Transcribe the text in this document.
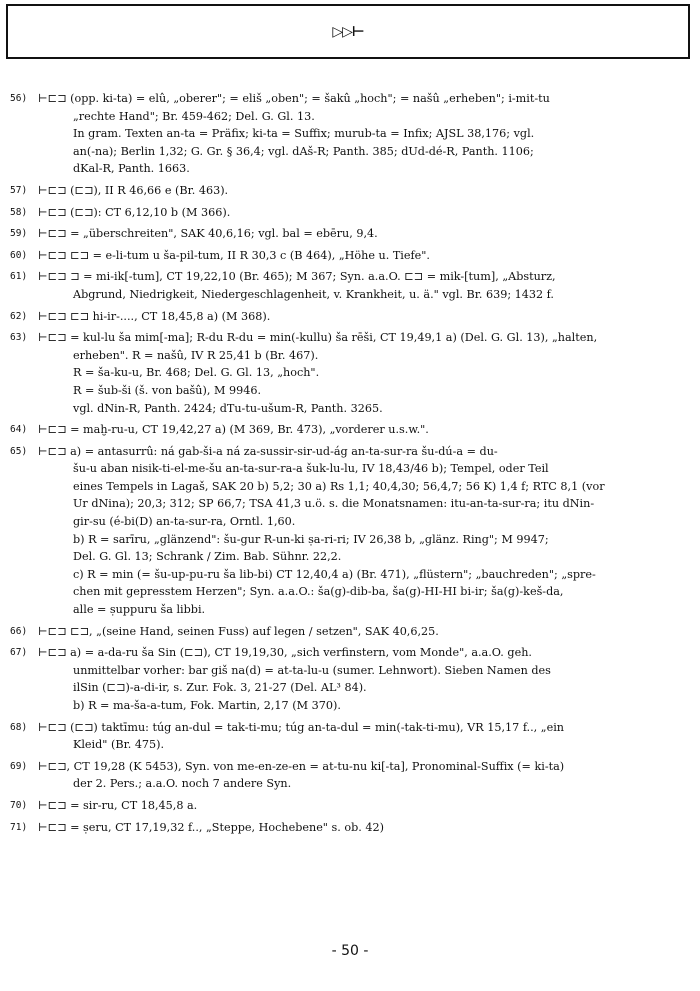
▷▷⊢
56) ⊢⊏⊐ (opp. ki-ta) = elû, „oberer"; = eliš „oben"; = šakû „hoch"; = našû „erheben"; i-mit-tu
„rechte Hand"; Br. 459-462; Del. G. Gl. 13.
In gram. Texten an-ta = Präfix; ki-ta = Suffix; murub-ta = Infix; AJSL 38,176; vgl.
an(-na); Berlin 1,32; G. Gr. § 36,4; vgl. dAš-R; Panth. 385; dUd-dé-R, Panth. 1106;
dKal-R, Panth. 1663.
57) ⊢⊏⊐ (⊏⊐), II R 46,66 e (Br. 463).
58) ⊢⊏⊐ (⊏⊐): CT 6,12,10 b (M 366).
59) ⊢⊏⊐ = „überschreiten", SAK 40,6,16; vgl. bal = ebēru, 9,4.
60) ⊢⊏⊐ ⊏⊐ = e-li-tum u ša-pil-tum, II R 30,3 c (B 464), „Höhe u. Tiefe".
61) ⊢⊏⊐ ⊐ = mi-ik[-tum], CT 19,22,10 (Br. 465); M 367; Syn. a.a.O. ⊏⊐ = mik-[tum], „Absturz,
Abgrund, Niedrigkeit, Niedergeschlagenheit, v. Krankheit, u. ä." vgl. Br. 639; 1432 f.
62) ⊢⊏⊐ ⊏⊐ hi-ir-...., CT 18,45,8 a) (M 368).
63) ⊢⊏⊐ = kul-lu ša mim[-ma]; R-du R-du = min(-kullu) ša rēši, CT 19,49,1 a) (Del. G. Gl. 13), „halten,
erheben". R = našû, IV R 25,41 b (Br. 467).
R = ša-ku-u, Br. 468; Del. G. Gl. 13, „hoch".
R = šub-ši (š. von bašû), M 9946.
vgl. dNin-R, Panth. 2424; dTu-tu-ušum-R, Panth. 3265.
64) ⊢⊏⊐ = maḫ-ru-u, CT 19,42,27 a) (M 369, Br. 473), „vorderer u.s.w.".
65) ⊢⊏⊐ a) = antasurrû: ná gab-ši-a ná za-sussir-sir-ud-ág an-ta-sur-ra šu-dú-a = du-
šu-u aban nisik-ti-el-me-šu an-ta-sur-ra-a šuk-lu-lu, IV 18,43/46 b); Tempel, oder Teil
eines Tempels in Lagaš, SAK 20 b) 5,2; 30 a) Rs 1,1; 40,4,30; 56,4,7; 56 K) 1,4 f; RTC 8,1 (vor
Ur dNina); 20,3; 312; SP 66,7; TSA 41,3 u.ö. s. die Monatsnamen: itu-an-ta-sur-ra; itu dNin-
gir-su (é-bi(D) an-ta-sur-ra, Orntl. 1,60.
b) R = sarīru, „glänzend": šu-gur R-un-ki ṣa-ri-ri; IV 26,38 b, „glänz. Ring"; M 9947;
Del. G. Gl. 13; Schrank / Zim. Bab. Sühnr. 22,2.
c) R = min (= šu-up-pu-ru ša lib-bi) CT 12,40,4 a) (Br. 471), „flüstern"; „bauchreden"; „spre-
chen mit gepresstem Herzen"; Syn. a.a.O.: ša(g)-dib-ba, ša(g)-HI-HI bi-ir; ša(g)-keš-da,
alle = ṣuppuru ša libbi.
66) ⊢⊏⊐ ⊏⊐, „(seine Hand, seinen Fuss) auf legen / setzen", SAK 40,6,25.
67) ⊢⊏⊐ a) = a-da-ru ša Sin (⊏⊐), CT 19,19,30, „sich verfinstern, vom Monde", a.a.O. geh.
unmittelbar vorher: bar giš na(d) = at-ta-lu-u (sumer. Lehnwort). Sieben Namen des
ilSin (⊏⊐)-a-di-ir, s. Zur. Fok. 3, 21-27 (Del. AL³ 84).
b) R = ma-ša-a-tum, Fok. Martin, 2,17 (M 370).
68) ⊢⊏⊐ (⊏⊐) taktīmu: túg an-dul = tak-ti-mu; túg an-ta-dul = min(-tak-ti-mu), VR 15,17 f.., „ein
Kleid" (Br. 475).
69) ⊢⊏⊐, CT 19,28 (K 5453), Syn. von me-en-ze-en = at-tu-nu ki[-ta], Pronominal-Suffix (= ki-ta)
der 2. Pers.; a.a.O. noch 7 andere Syn.
70) ⊢⊏⊐ = sir-ru, CT 18,45,8 a.
71) ⊢⊏⊐ = ṣeru, CT 17,19,32 f.., „Steppe, Hochebene" s. ob. 42)
- 50 -
